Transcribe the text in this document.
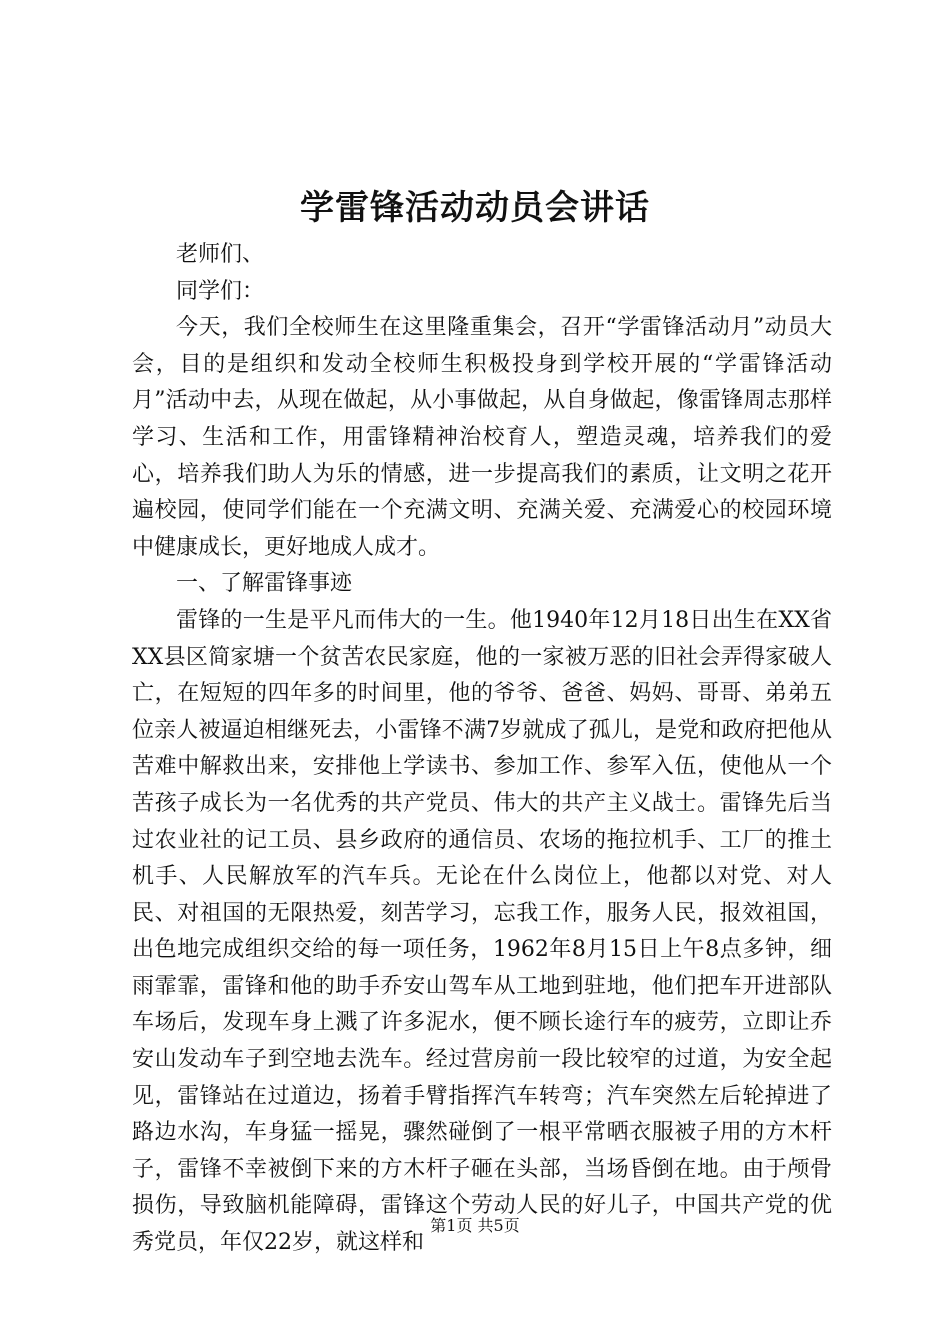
学雷锋活动动员会讲话

老师们、

同学们：

今天，我们全校师生在这里隆重集会，召开“学雷锋活动月”动员大会，目的是组织和发动全校师生积极投身到学校开展的“学雷锋活动月”活动中去，从现在做起，从小事做起，从自身做起，像雷锋周志那样学习、生活和工作，用雷锋精神治校育人，塑造灵魂，培养我们的爱心，培养我们助人为乐的情感，进一步提高我们的素质，让文明之花开遍校园，使同学们能在一个充满文明、充满关爱、充满爱心的校园环境中健康成长，更好地成人成才。

一、了解雷锋事迹

雷锋的一生是平凡而伟大的一生。他1940年12月18日出生在XX省XX县区简家塘一个贫苦农民家庭，他的一家被万恶的旧社会弄得家破人亡，在短短的四年多的时间里，他的爷爷、爸爸、妈妈、哥哥、弟弟五位亲人被逼迫相继死去，小雷锋不满7岁就成了孤儿，是党和政府把他从苦难中解救出来，安排他上学读书、参加工作、参军入伍，使他从一个苦孩子成长为一名优秀的共产党员、伟大的共产主义战士。雷锋先后当过农业社的记工员、县乡政府的通信员、农场的拖拉机手、工厂的推土机手、人民解放军的汽车兵。无论在什么岗位上，他都以对党、对人民、对祖国的无限热爱，刻苦学习，忘我工作，服务人民，报效祖国，出色地完成组织交给的每一项任务，1962年8月15日上午8点多钟，细雨霏霏，雷锋和他的助手乔安山驾车从工地到驻地，他们把车开进部队车场后，发现车身上溅了许多泥水，便不顾长途行车的疲劳，立即让乔安山发动车子到空地去洗车。经过营房前一段比较窄的过道，为安全起见，雷锋站在过道边，扬着手臂指挥汽车转弯；汽车突然左后轮掉进了路边水沟，车身猛一摇晃，骤然碰倒了一根平常晒衣服被子用的方木杆子，雷锋不幸被倒下来的方木杆子砸在头部，当场昏倒在地。由于颅骨损伤，导致脑机能障碍，雷锋这个劳动人民的好儿子，中国共产党的优秀党员，年仅22岁，就这样和

第1页 共5页
